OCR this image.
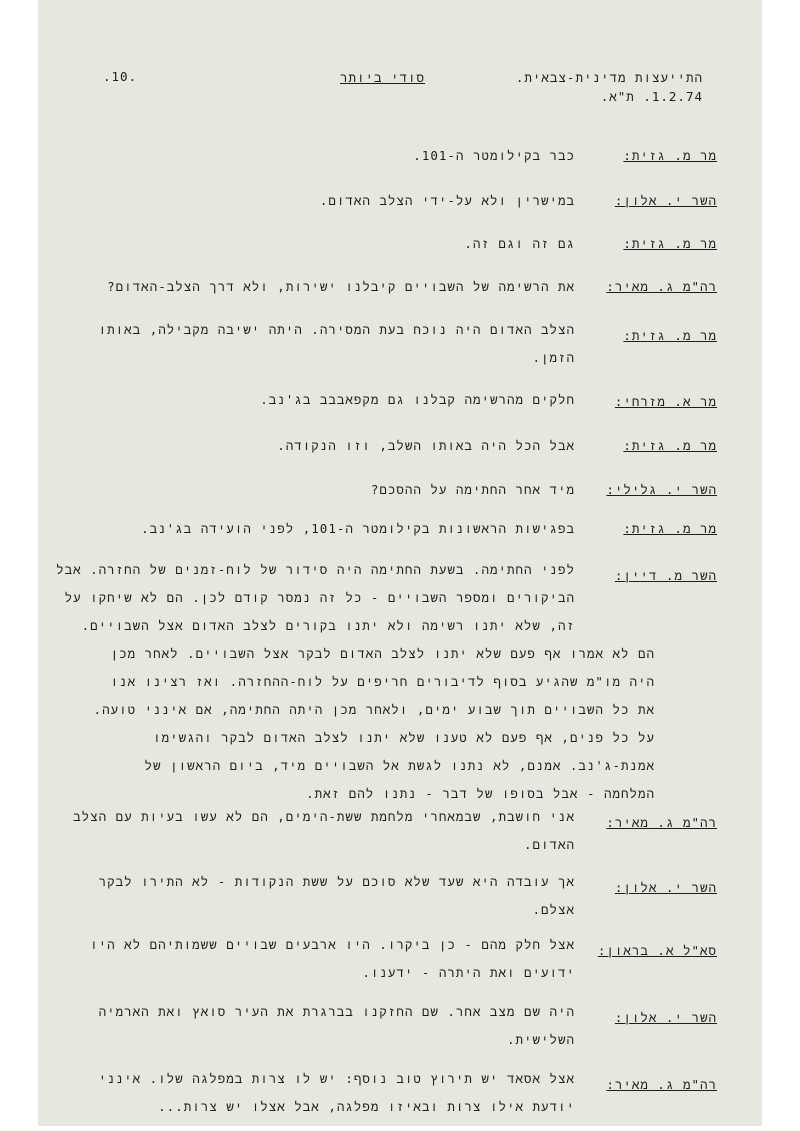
.10.	סודי ביותר	התייעצות מדינית-צבאית.
1.2.74. ת"א.
מר מ. גזית:
כבר בקילומטר ה-101.
השר י. אלון:
במישרין ולא על-ידי הצלב האדום.
מר מ. גזית:
גם זה וגם זה.
רה"מ ג. מאיר:
את הרשימה של השבויים קיבלנו ישירות, ולא דרך הצלב-האדום?
מר מ. גזית:
הצלב האדום היה נוכח בעת המסירה. היתה ישיבה מקבילה, באותו הזמן.
מר א. מזרחי:
חלקים מהרשימה קבלנו גם מקפאבבב בג'נב.
מר מ. גזית:
אבל הכל היה באותו השלב, וזו הנקודה.
השר י. גלילי:
מיד אחר החתימה על ההסכם?
מר מ. גזית:
בפגישות הראשונות בקילומטר ה-101, לפני הועידה בג'נב.
השר מ. דיין:
לפני החתימה. בשעת החתימה היה סידור של לוח-זמנים של החזרה. אבל הביקורים ומספר השבויים - כל זה נמסר קודם לכן. הם לא שיחקו על זה, שלא יתנו רשימה ולא יתנו בקורים לצלב האדום אצל השבויים.
הם לא אמרו אף פעם שלא יתנו לצלב האדום לבקר אצל השבויים. לאחר מכן היה מו"מ שהגיע בסוף לדיבורים חריפים על לוח-ההחזרה. ואז רצינו אנו את כל השבויים תוך שבוע ימים, ולאחר מכן היתה החתימה, אם אינני טועה. על כל פנים, אף פעם לא טענו שלא יתנו לצלב האדום לבקר והגשימו אמנת-ג'נב. אמנם, לא נתנו לגשת אל השבויים מיד, ביום הראשון של המלחמה - אבל בסופו של דבר - נתנו להם זאת.
רה"מ ג. מאיר:
אני חושבת, שבמאחרי מלחמת ששת-הימים, הם לא עשו בעיות עם הצלב האדום.
השר י. אלון:
אך עובדה היא שעד שלא סוכם על ששת הנקודות - לא התירו לבקר אצלם.
סא"ל א. בראון:
אצל חלק מהם - כן ביקרו. היו ארבעים שבויים ששמותיהם לא היו ידועים ואת היתרה - ידענו.
השר י. אלון:
היה שם מצב אחר. שם החזקנו בברגרת את העיר סואץ ואת הארמיה השלישית.
רה"מ ג. מאיר:
אצל אסאד יש תירוץ טוב נוסף: יש לו צרות במפלגה שלו. אינני יודעת אילו צרות ובאיזו מפלגה, אבל אצלו יש צרות...
